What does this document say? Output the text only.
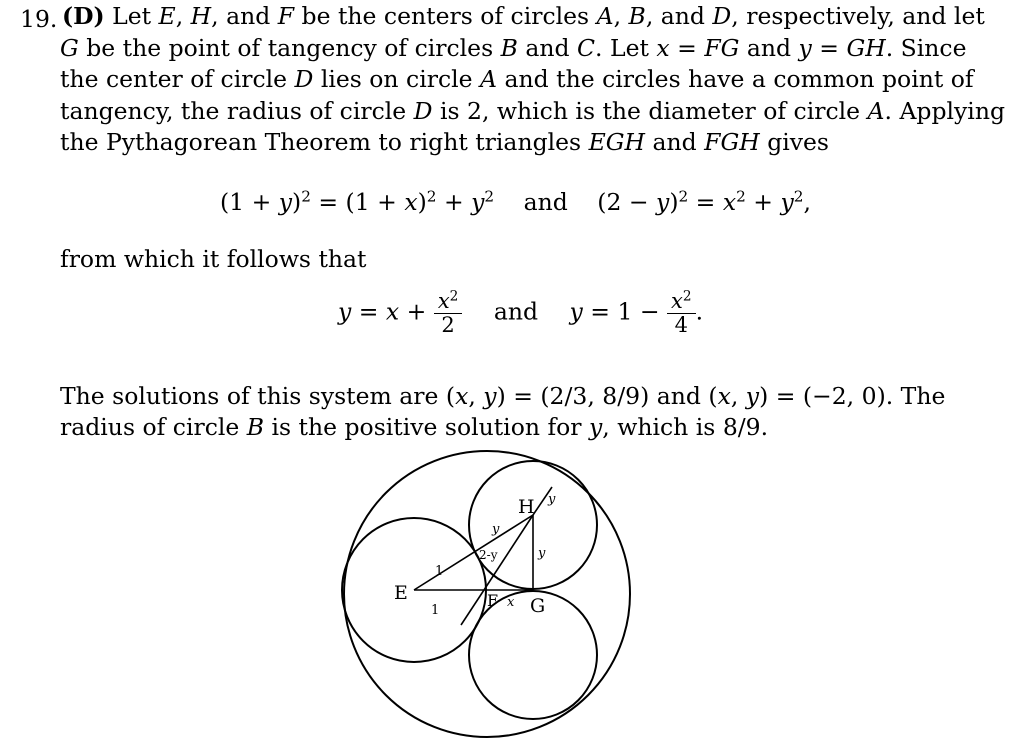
19. (D) Let E, H, and F be the centers of circles A, B, and D, respectively, and let
G be the point of tangency of circles B and C. Let x = FG and y = GH. Since
the center of circle D lies on circle A and the circles have a common point of
tangency, the radius of circle D is 2, which is the diameter of circle A. Applying
the Pythagorean Theorem to right triangles EGH and FGH gives
$(1 + y)^2 = (1 + x)^2 + y^2$ and $(2 - y)^2 = x^2 + y^2$,
from which it follows that
$y = x + \frac{x^2}{2}$ and $y = 1 - \frac{x^2}{4}$ .
The solutions of this system are (x, y) = (2/3, 8/9) and (x, y) = (−2, 0). The
radius of circle B is the positive solution for y, which is 8/9.
E	F G
H
1
1
y
y
y
2-y
x
